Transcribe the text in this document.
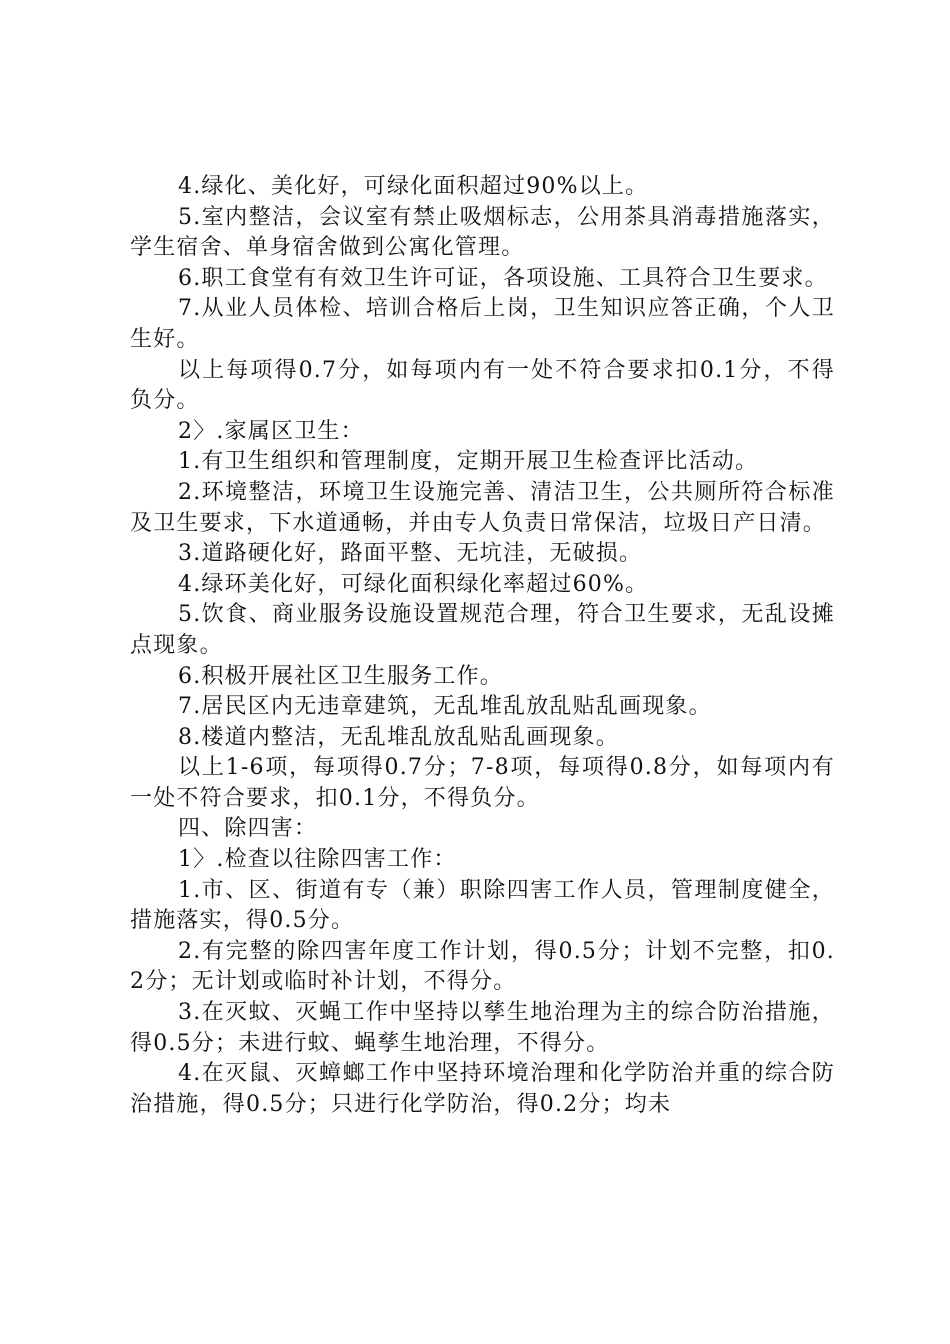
4.绿化、美化好，可绿化面积超过90%以上。

5.室内整洁，会议室有禁止吸烟标志，公用茶具消毒措施落实，学生宿舍、单身宿舍做到公寓化管理。

6.职工食堂有有效卫生许可证，各项设施、工具符合卫生要求。

7.从业人员体检、培训合格后上岗，卫生知识应答正确，个人卫生好。

以上每项得0.7分，如每项内有一处不符合要求扣0.1分，不得负分。

2〉.家属区卫生：

1.有卫生组织和管理制度，定期开展卫生检查评比活动。

2.环境整洁，环境卫生设施完善、清洁卫生，公共厕所符合标准及卫生要求，下水道通畅，并由专人负责日常保洁，垃圾日产日清。

3.道路硬化好，路面平整、无坑洼，无破损。

4.绿环美化好，可绿化面积绿化率超过60%。

5.饮食、商业服务设施设置规范合理，符合卫生要求，无乱设摊点现象。

6.积极开展社区卫生服务工作。

7.居民区内无违章建筑，无乱堆乱放乱贴乱画现象。

8.楼道内整洁，无乱堆乱放乱贴乱画现象。

以上1-6项，每项得0.7分；7-8项，每项得0.8分，如每项内有一处不符合要求，扣0.1分，不得负分。

四、除四害：

1〉.检查以往除四害工作：

1.市、区、街道有专（兼）职除四害工作人员，管理制度健全，措施落实，得0.5分。

2.有完整的除四害年度工作计划，得0.5分；计划不完整，扣0.2分；无计划或临时补计划，不得分。

3.在灭蚊、灭蝇工作中坚持以孳生地治理为主的综合防治措施，得0.5分；未进行蚊、蝇孳生地治理，不得分。

4.在灭鼠、灭蟑螂工作中坚持环境治理和化学防治并重的综合防治措施，得0.5分；只进行化学防治，得0.2分；均未
